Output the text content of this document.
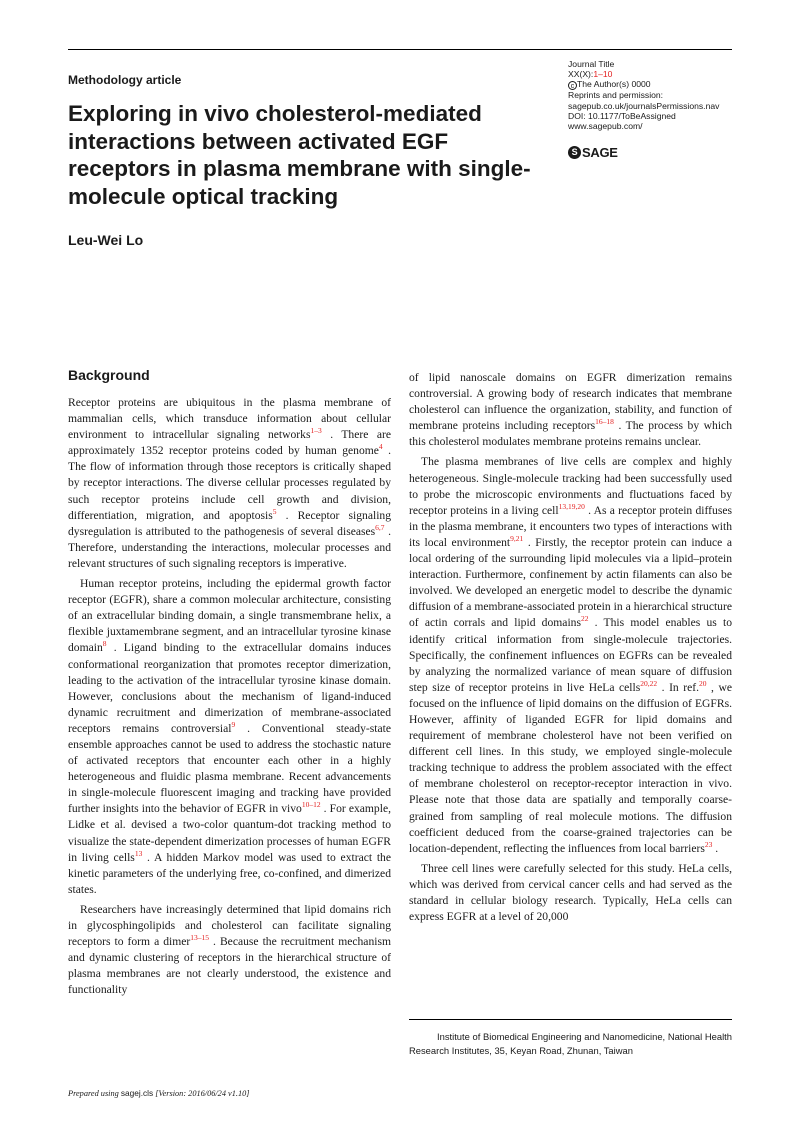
Methodology article
Exploring in vivo cholesterol-mediated interactions between activated EGF receptors in plasma membrane with single-molecule optical tracking
Leu-Wei Lo
Journal Title
XX(X):1–10
c The Author(s) 0000
Reprints and permission:
sagepub.co.uk/journalsPermissions.nav
DOI: 10.1177/ToBeAssigned
www.sagepub.com/
S SAGE
Background

Receptor proteins are ubiquitous in the plasma membrane of mammalian cells, which transduce information about cellular environment to intracellular signaling networks$^{1-3}$ . There are approximately 1352 receptor proteins coded by human genome$^4$ . The flow of information through those receptors is critically shaped by receptor interactions. The diverse cellular processes regulated by such receptor proteins include cell growth and division, differentiation, migration, and apoptosis$^5$ . Receptor signaling dysregulation is attributed to the pathogenesis of several diseases$^{6,7}$ . Therefore, understanding the interactions, molecular processes and relevant structures of such signaling receptors is imperative.

Human receptor proteins, including the epidermal growth factor receptor (EGFR), share a common molecular architecture, consisting of an extracellular binding domain, a single transmembrane helix, a flexible juxtamembrane segment, and an intracellular tyrosine kinase domain$^8$ . Ligand binding to the extracellular domains induces conformational reorganization that promotes receptor dimerization, leading to the activation of the intracellular tyrosine kinase domain. However, conclusions about the mechanism of ligand-induced dynamic recruitment and dimerization of membrane-associated receptors remains controversial$^9$ . Conventional steady-state ensemble approaches cannot be used to address the stochastic nature of activated receptors that encounter each other in a highly heterogeneous and fluidic plasma membrane. Recent advancements in single-molecule fluorescent imaging and tracking have provided further insights into the behavior of EGFR in vivo$^{10-12}$ . For example, Lidke et al. devised a two-color quantum-dot tracking method to visualize the state-dependent dimerization processes of human EGFR in living cells$^{13}$ . A hidden Markov model was used to extract the kinetic parameters of the underlying free, co-confined, and dimerized states.

Researchers have increasingly determined that lipid domains rich in glycosphingolipids and cholesterol can facilitate signaling receptors to form a dimer$^{13-15}$ . Because the recruitment mechanism and dynamic clustering of receptors in the hierarchical structure of plasma membranes are not clearly understood, the existence and functionality

of lipid nanoscale domains on EGFR dimerization remains controversial. A growing body of research indicates that membrane cholesterol can influence the organization, stability, and function of membrane proteins including receptors$^{16-18}$ . The process by which this cholesterol modulates membrane proteins remains unclear.

The plasma membranes of live cells are complex and highly heterogeneous. Single-molecule tracking had been successfully used to probe the microscopic environments and fluctuations faced by receptor proteins in a living cell$^{13,19,20}$ . As a receptor protein diffuses in the plasma membrane, it encounters two types of interactions with its local environment$^{9,21}$ . Firstly, the receptor protein can induce a local ordering of the surrounding lipid molecules via a lipid–protein interaction. Furthermore, confinement by actin filaments can also be involved. We developed an energetic model to describe the dynamic diffusion of a membrane-associated protein in a hierarchical structure of actin corrals and lipid domains$^{22}$ . This model enables us to identify critical information from single-molecule trajectories. Specifically, the confinement influences on EGFRs can be revealed by analyzing the normalized variance of mean square of diffusion step size of receptor proteins in live HeLa cells$^{20,22}$ . In ref.$^{20}$ , we focused on the influence of lipid domains on the diffusion of EGFRs. However, affinity of liganded EGFR for lipid domains and requirement of membrane cholesterol have not been verified on different cell lines. In this study, we employed single-molecule tracking technique to address the problem associated with the effect of membrane cholesterol on receptor-receptor interaction in vivo. Please note that those data are spatially and temporally coarse-grained from sampling of real molecule motions. The diffusion coefficient deduced from the coarse-grained trajectories can be location-dependent, reflecting the influences from local barriers$^{23}$ .

Three cell lines were carefully selected for this study. HeLa cells, which was derived from cervical cancer cells and had served as the standard in cellular biology research. Typically, HeLa cells can express EGFR at a level of 20,000

Institute of Biomedical Engineering and Nanomedicine, National Health Research Institutes, 35, Keyan Road, Zhunan, Taiwan
Prepared using sagej.cls [Version: 2016/06/24 v1.10]
